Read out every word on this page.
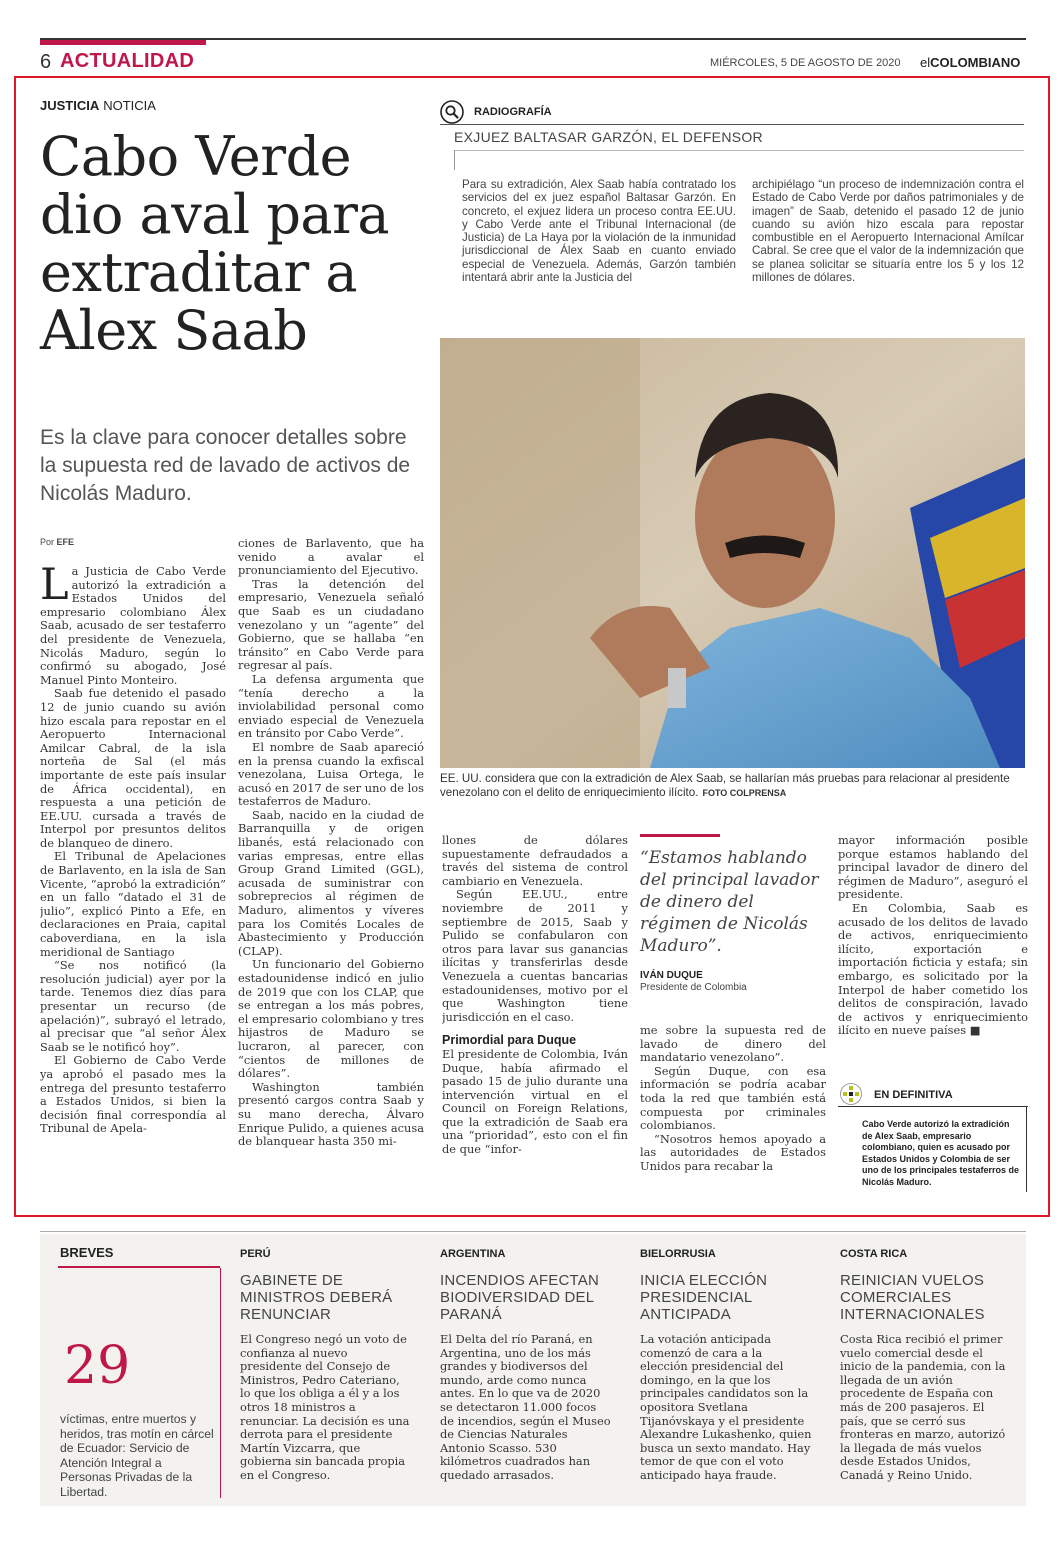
6 ACTUALIDAD	MIÉRCOLES, 5 DE AGOSTO DE 2020 elCOLOMBIANO
JUSTICIA NOTICIA
Cabo Verde dio aval para extraditar a Alex Saab
Es la clave para conocer detalles sobre la supuesta red de lavado de activos de Nicolás Maduro.
Por EFE

La Justicia de Cabo Verde autorizó la extradición a Estados Unidos del empresario colombiano Álex Saab, acusado de ser testaferro del presidente de Venezuela, Nicolás Maduro, según lo confirmó su abogado, José Manuel Pinto Monteiro.

Saab fue detenido el pasado 12 de junio cuando su avión hizo escala para repostar en el Aeropuerto Internacional Amilcar Cabral, de la isla norteña de Sal (el más importante de este país insular de África occidental), en respuesta a una petición de EE.UU. cursada a través de Interpol por presuntos delitos de blanqueo de dinero.

El Tribunal de Apelaciones de Barlavento, en la isla de San Vicente, “aprobó la extradición” en un fallo “datado el 31 de julio”, explicó Pinto a Efe, en declaraciones en Praia, capital caboverdiana, en la isla meridional de Santiago

“Se nos notificó (la resolución judicial) ayer por la tarde. Tenemos diez días para presentar un recurso (de apelación)”, subrayó el letrado, al precisar que “al señor Álex Saab se le notificó hoy”.

El Gobierno de Cabo Verde ya aprobó el pasado mes la entrega del presunto testaferro a Estados Unidos, si bien la decisión final correspondía al Tribunal de Apela-

ciones de Barlavento, que ha venido a avalar el pronunciamiento del Ejecutivo.

Tras la detención del empresario, Venezuela señaló que Saab es un ciudadano venezolano y un “agente” del Gobierno, que se hallaba “en tránsito” en Cabo Verde para regresar al país.

La defensa argumenta que “tenía derecho a la inviolabilidad personal como enviado especial de Venezuela en tránsito por Cabo Verde”.

El nombre de Saab apareció en la prensa cuando la exfiscal venezolana, Luisa Ortega, le acusó en 2017 de ser uno de los testaferros de Maduro.

Saab, nacido en la ciudad de Barranquilla y de origen libanés, está relacionado con varias empresas, entre ellas Group Grand Limited (GGL), acusada de suministrar con sobreprecios al régimen de Maduro, alimentos y víveres para los Comités Locales de Abastecimiento y Producción (CLAP).

Un funcionario del Gobierno estadounidense indicó en julio de 2019 que con los CLAP, que se entregan a los más pobres, el empresario colombiano y tres hijastros de Maduro se lucraron, al parecer, con “cientos de millones de dólares”.

Washington también presentó cargos contra Saab y su mano derecha, Álvaro Enrique Pulido, a quienes acusa de blanquear hasta 350 mi-

llones de dólares supuestamente defraudados a través del sistema de control cambiario en Venezuela.

Según EE.UU., entre noviembre de 2011 y septiembre de 2015, Saab y Pulido se confabularon con otros para lavar sus ganancias ilícitas y transferirlas desde Venezuela a cuentas bancarias estadounidenses, motivo por el que Washington tiene jurisdicción en el caso.

Primordial para Duque

El presidente de Colombia, Iván Duque, había afirmado el pasado 15 de julio durante una intervención virtual en el Council on Foreign Relations, que la extradición de Saab era una “prioridad”, esto con el fin de que “infor-

me sobre la supuesta red de lavado de dinero del mandatario venezolano”.

Según Duque, con esa información se podría acabar toda la red que también está compuesta por criminales colombianos.

“Nosotros hemos apoyado a las autoridades de Estados Unidos para recabar la

mayor información posible porque estamos hablando del principal lavador de dinero del régimen de Maduro”, aseguró el presidente.

En Colombia, Saab es acusado de los delitos de lavado de activos, enriquecimiento ilícito, exportación e importación ficticia y estafa; sin embargo, es solicitado por la Interpol de haber cometido los delitos de conspiración, lavado de activos y enriquecimiento ilícito en nueve países ■

RADIOGRAFÍA
EXJUEZ BALTASAR GARZÓN, EL DEFENSOR
Para su extradición, Alex Saab había contratado los servicios del ex juez español Baltasar Garzón. En concreto, el exjuez lidera un proceso contra EE.UU. y Cabo Verde ante el Tribunal Internacional (de Justicia) de La Haya por la violación de la inmunidad jurisdiccional de Álex Saab en cuanto enviado especial de Venezuela. Además, Garzón también intentará abrir ante la Justicia del
archipiélago “un proceso de indemnización contra el Estado de Cabo Verde por daños patrimoniales y de imagen” de Saab, detenido el pasado 12 de junio cuando su avión hizo escala para repostar combustible en el Aeropuerto Internacional Amílcar Cabral. Se cree que el valor de la indemnización que se planea solicitar se situaría entre los 5 y los 12 millones de dólares.
EE. UU. considera que con la extradición de Alex Saab, se hallarían más pruebas para relacionar al presidente venezolano con el delito de enriquecimiento ilícito. FOTO COLPRENSA
“Estamos hablando del principal lavador de dinero del régimen de Nicolás Maduro”.
IVÁN DUQUE
Presidente de Colombia
EN DEFINITIVA
Cabo Verde autorizó la extradición de Alex Saab, empresario colombiano, quien es acusado por Estados Unidos y Colombia de ser uno de los principales testaferros de Nicolás Maduro.
BREVES
29
víctimas, entre muertos y heridos, tras motín en cárcel de Ecuador: Servicio de Atención Integral a Personas Privadas de la Libertad.
PERÚ
GABINETE DE MINISTROS DEBERÁ RENUNCIAR
El Congreso negó un voto de confianza al nuevo presidente del Consejo de Ministros, Pedro Cateriano, lo que los obliga a él y a los otros 18 ministros a renunciar. La decisión es una derrota para el presidente Martín Vizcarra, que gobierna sin bancada propia en el Congreso.
ARGENTINA
INCENDIOS AFECTAN BIODIVERSIDAD DEL PARANÁ
El Delta del río Paraná, en Argentina, uno de los más grandes y biodiversos del mundo, arde como nunca antes. En lo que va de 2020 se detectaron 11.000 focos de incendios, según el Museo de Ciencias Naturales Antonio Scasso. 530 kilómetros cuadrados han quedado arrasados.
BIELORRUSIA
INICIA ELECCIÓN PRESIDENCIAL ANTICIPADA
La votación anticipada comenzó de cara a la elección presidencial del domingo, en la que los principales candidatos son la opositora Svetlana Tijanóvskaya y el presidente Alexandre Lukashenko, quien busca un sexto mandato. Hay temor de que con el voto anticipado haya fraude.
COSTA RICA
REINICIAN VUELOS COMERCIALES INTERNACIONALES
Costa Rica recibió el primer vuelo comercial desde el inicio de la pandemia, con la llegada de un avión procedente de España con más de 200 pasajeros. El país, que se cerró sus fronteras en marzo, autorizó la llegada de más vuelos desde Estados Unidos, Canadá y Reino Unido.
